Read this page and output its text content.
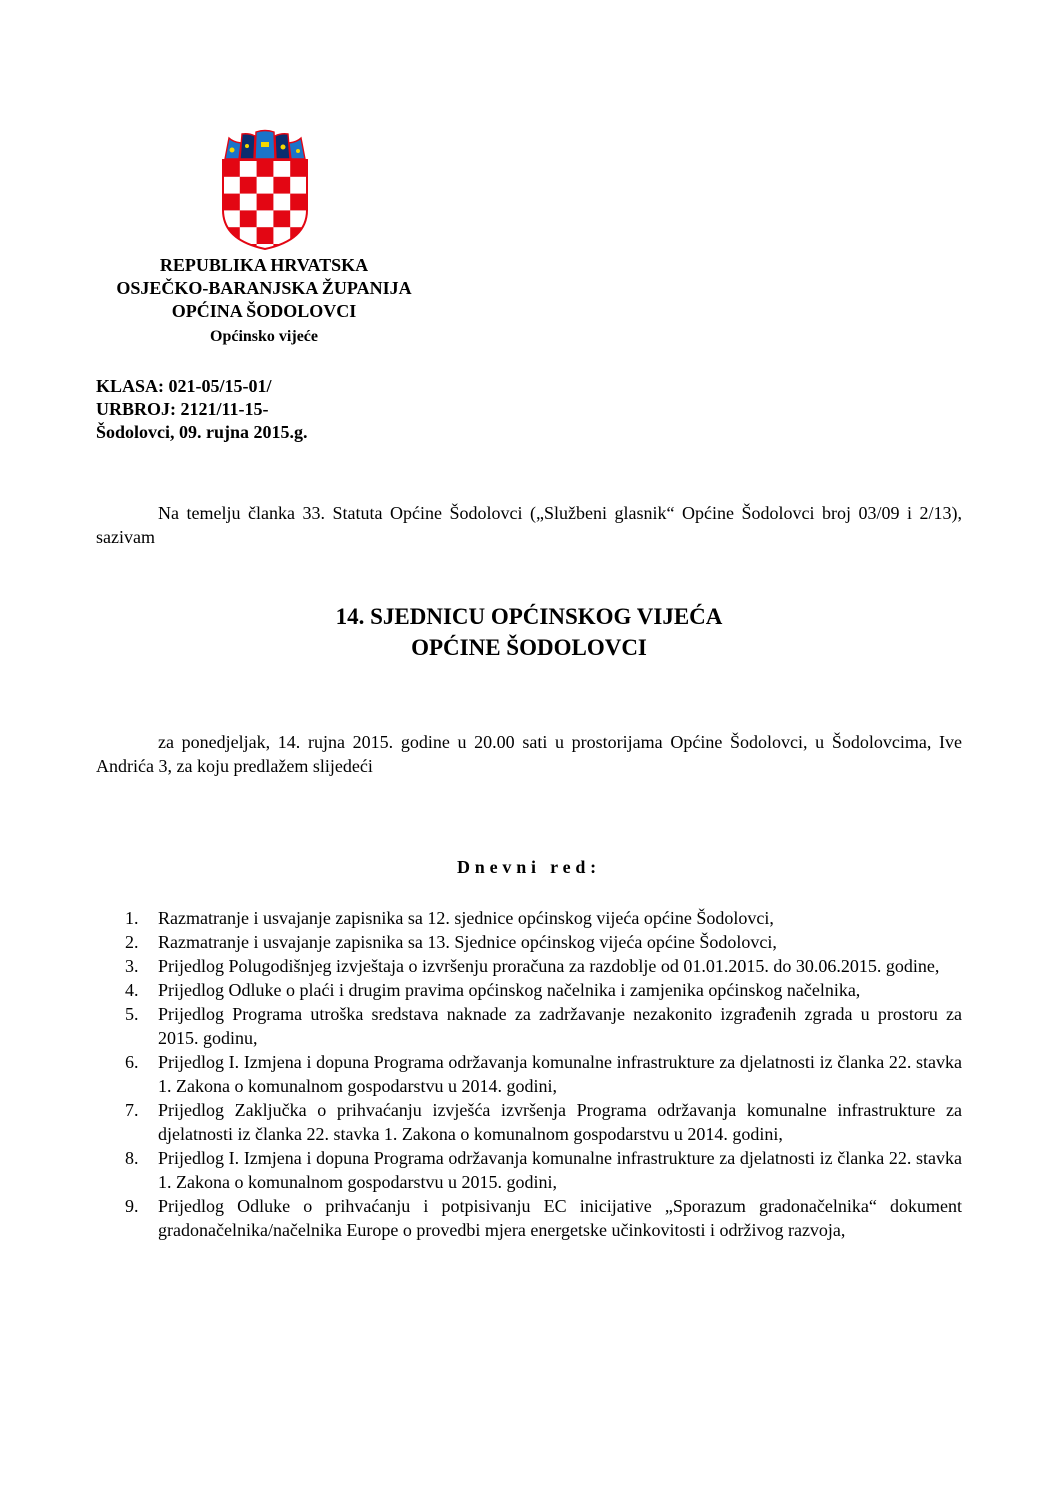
REPUBLIKA HRVATSKA
OSJEČKO-BARANJSKA ŽUPANIJA
OPĆINA ŠODOLOVCI
Općinsko vijeće
KLASA: 021-05/15-01/
URBROJ: 2121/11-15-
Šodolovci, 09. rujna 2015.g.

Na temelju članka 33. Statuta Općine Šodolovci („Službeni glasnik“ Općine Šodolovci broj 03/09 i 2/13), sazivam

14. SJEDNICU OPĆINSKOG VIJEĆA
OPĆINE ŠODOLOVCI

za ponedjeljak, 14. rujna 2015. godine u 20.00 sati u prostorijama Općine Šodolovci, u Šodolovcima, Ive Andrića 3, za koju predlažem slijedeći

Dnevni red:
1. Razmatranje i usvajanje zapisnika sa 12. sjednice općinskog vijeća općine Šodolovci,
2. Razmatranje i usvajanje zapisnika sa 13. Sjednice općinskog vijeća općine Šodolovci,
3. Prijedlog Polugodišnjeg izvještaja o izvršenju proračuna za razdoblje od 01.01.2015. do 30.06.2015. godine,
4. Prijedlog Odluke o plaći i drugim pravima općinskog načelnika i zamjenika općinskog načelnika,
5. Prijedlog Programa utroška sredstava naknade za zadržavanje nezakonito izgrađenih zgrada u prostoru za 2015. godinu,
6. Prijedlog I. Izmjena i dopuna Programa održavanja komunalne infrastrukture za djelatnosti iz članka 22. stavka 1. Zakona o komunalnom gospodarstvu u 2014. godini,
7. Prijedlog Zaključka o prihvaćanju izvješća izvršenja Programa održavanja komunalne infrastrukture za djelatnosti iz članka 22. stavka 1. Zakona o komunalnom gospodarstvu u 2014. godini,
8. Prijedlog I. Izmjena i dopuna Programa održavanja komunalne infrastrukture za djelatnosti iz članka 22. stavka 1. Zakona o komunalnom gospodarstvu u 2015. godini,
9. Prijedlog Odluke o prihvaćanju i potpisivanju EC inicijative „Sporazum gradonačelnika“ dokument gradonačelnika/načelnika Europe o provedbi mjera energetske učinkovitosti i održivog razvoja,
